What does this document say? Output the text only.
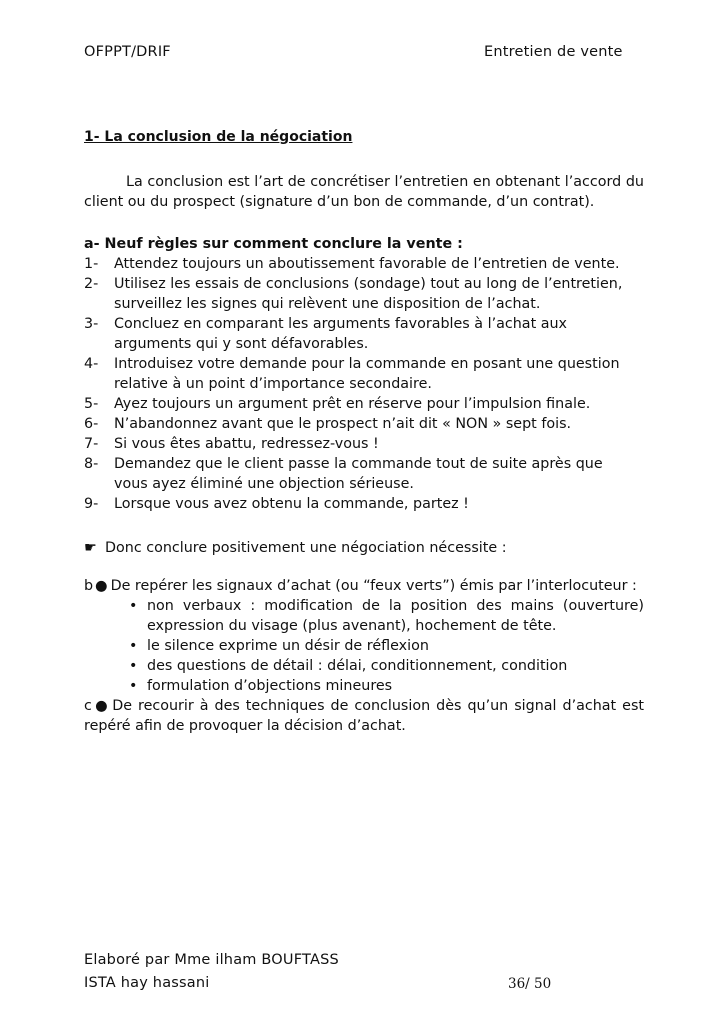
OFPPT/DRIF	Entretien de vente
1- La conclusion de la négociation
La conclusion est l’art de concrétiser l’entretien en obtenant l’accord du client ou du prospect (signature d’un bon de commande, d’un contrat).
a- Neuf règles sur comment conclure la vente :
1- Attendez toujours un aboutissement favorable de l’entretien de vente.
2- Utilisez les essais de conclusions (sondage) tout au long de l’entretien, surveillez les signes qui relèvent une disposition de l’achat.
3- Concluez en comparant les arguments favorables à l’achat aux arguments qui y sont défavorables.
4- Introduisez votre demande pour la commande en posant une question relative à un point d’importance secondaire.
5- Ayez toujours un argument prêt en réserve pour l’impulsion finale.
6- N’abandonnez avant que le prospect n’ait dit « NON » sept fois.
7- Si vous êtes abattu, redressez-vous !
8- Demandez que le client passe la commande tout de suite après que vous ayez éliminé une objection sérieuse.
9- Lorsque vous avez obtenu la commande, partez !
☛ Donc conclure positivement une négociation nécessite :
b ● De repérer les signaux d’achat (ou “feux verts”) émis par l’interlocuteur :
• non verbaux : modification de la position des mains (ouverture) expression du visage (plus avenant), hochement de tête.
• le silence exprime un désir de réflexion
• des questions de détail : délai, conditionnement, condition
• formulation d’objections mineures
c ● De recourir à des techniques de conclusion dès qu’un signal d’achat est repéré afin de provoquer la décision d’achat.
Elaboré par Mme ilham BOUFTASS
ISTA hay hassani	36/ 50
